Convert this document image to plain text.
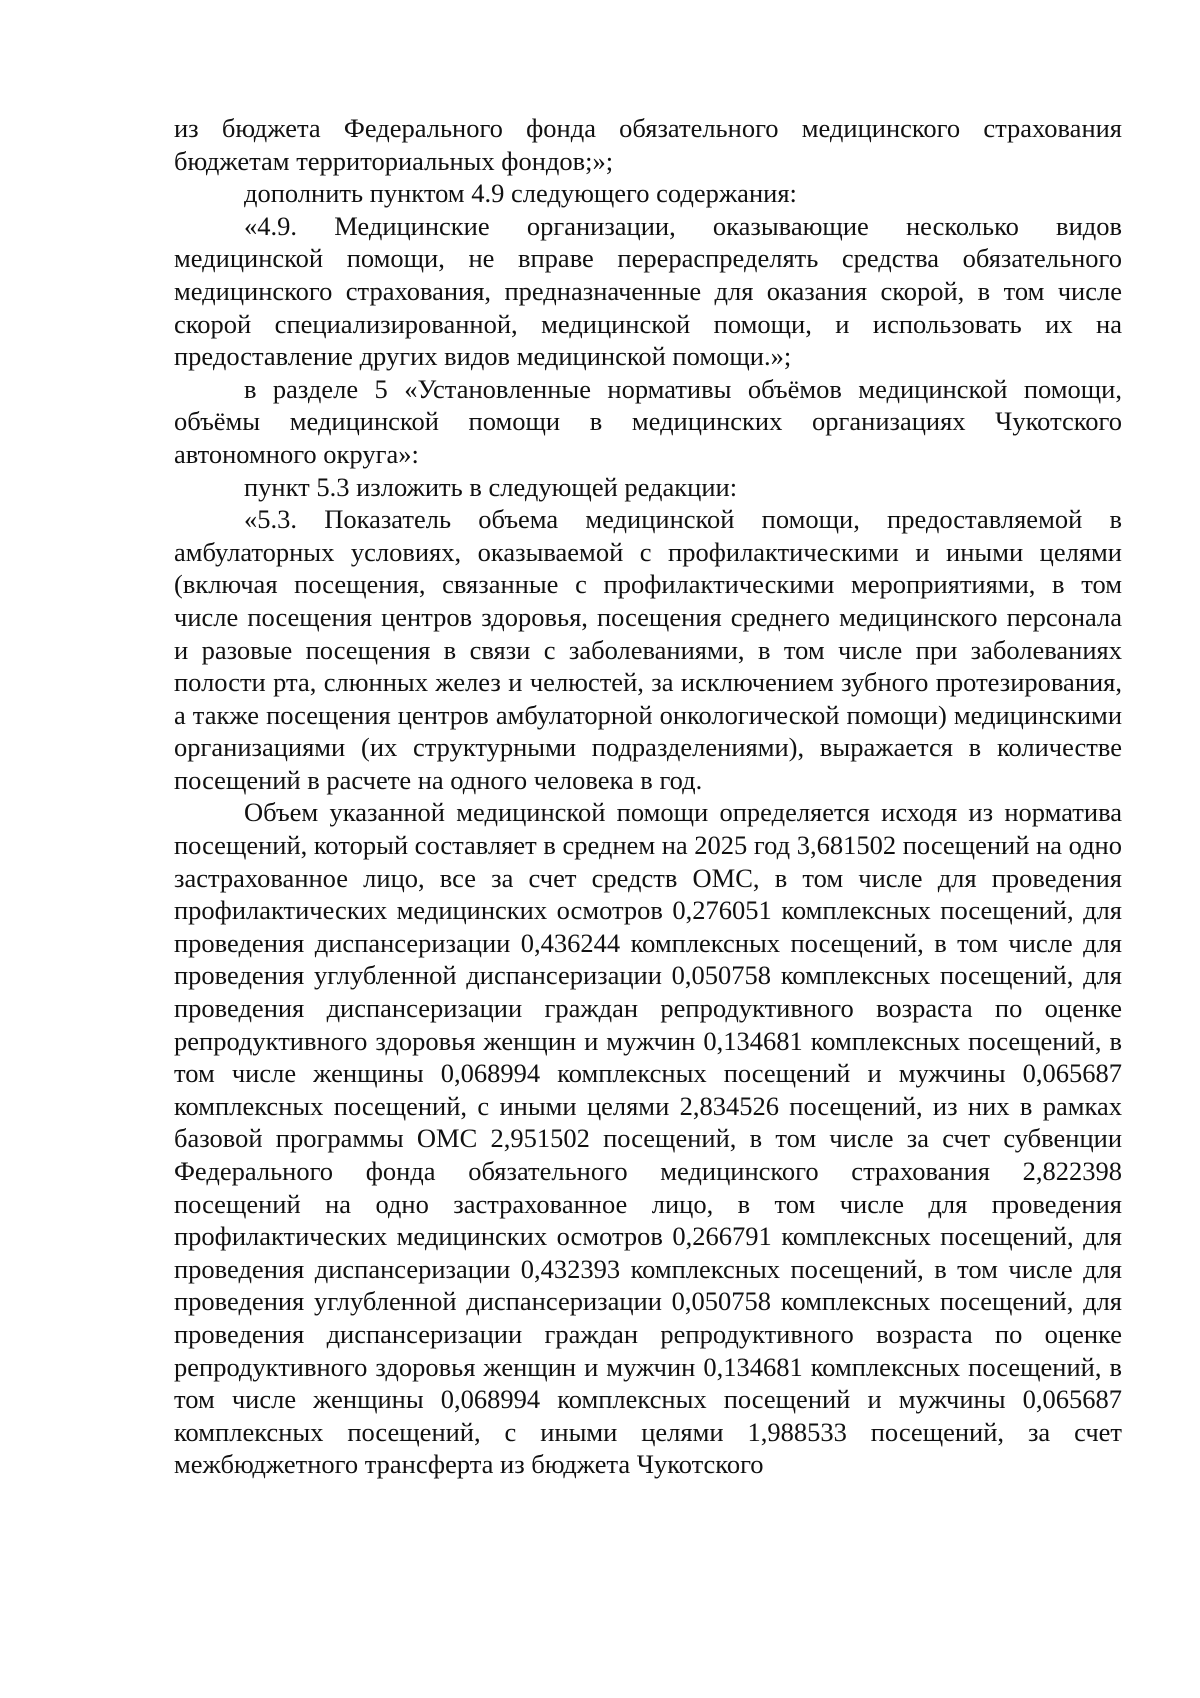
из бюджета Федерального фонда обязательного медицинского страхования бюджетам территориальных фондов;»;

дополнить пунктом 4.9 следующего содержания:

«4.9. Медицинские организации, оказывающие несколько видов медицинской помощи, не вправе перераспределять средства обязательного медицинского страхования, предназначенные для оказания скорой, в том числе скорой специализированной, медицинской помощи, и использовать их на предоставление других видов медицинской помощи.»;

в разделе 5 «Установленные нормативы объёмов медицинской помощи, объёмы медицинской помощи в медицинских организациях Чукотского автономного округа»:

пункт 5.3 изложить в следующей редакции:

«5.3. Показатель объема медицинской помощи, предоставляемой в амбулаторных условиях, оказываемой с профилактическими и иными целями (включая посещения, связанные с профилактическими мероприятиями, в том числе посещения центров здоровья, посещения среднего медицинского персонала и разовые посещения в связи с заболеваниями, в том числе при заболеваниях полости рта, слюнных желез и челюстей, за исключением зубного протезирования, а также посещения центров амбулаторной онкологической помощи) медицинскими организациями (их структурными подразделениями), выражается в количестве посещений в расчете на одного человека в год.

Объем указанной медицинской помощи определяется исходя из норматива посещений, который составляет в среднем на 2025 год 3,681502 посещений на одно застрахованное лицо, все за счет средств ОМС, в том числе для проведения профилактических медицинских осмотров 0,276051 комплексных посещений, для проведения диспансеризации 0,436244 комплексных посещений, в том числе для проведения углубленной диспансеризации 0,050758 комплексных посещений, для проведения диспансеризации граждан репродуктивного возраста по оценке репродуктивного здоровья женщин и мужчин 0,134681 комплексных посещений, в том числе женщины 0,068994 комплексных посещений и мужчины 0,065687 комплексных посещений, с иными целями 2,834526 посещений, из них в рамках базовой программы ОМС 2,951502 посещений, в том числе за счет субвенции Федерального фонда обязательного медицинского страхования 2,822398 посещений на одно застрахованное лицо, в том числе для проведения профилактических медицинских осмотров 0,266791 комплексных посещений, для проведения диспансеризации 0,432393 комплексных посещений, в том числе для проведения углубленной диспансеризации 0,050758 комплексных посещений, для проведения диспансеризации граждан репродуктивного возраста по оценке репродуктивного здоровья женщин и мужчин 0,134681 комплексных посещений, в том числе женщины 0,068994 комплексных посещений и мужчины 0,065687 комплексных посещений, с иными целями 1,988533 посещений, за счет межбюджетного трансферта из бюджета Чукотского
